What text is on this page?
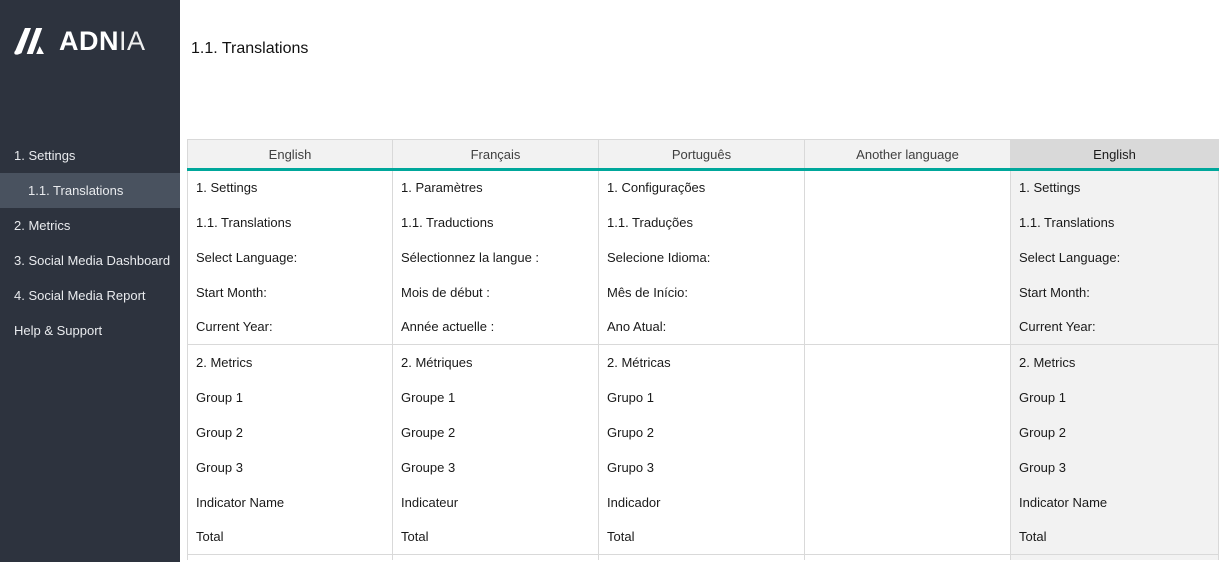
ADN IA
1. Settings
1.1. Translations
2. Metrics
3. Social Media Dashboard
4. Social Media Report
Help & Support
1.1. Translations
English	Français	Português	Another language	English
1. Settings	1. Paramètres	1. Configurações		1. Settings
1.1. Translations	1.1. Traductions	1.1. Traduções		1.1. Translations
Select Language:	Sélectionnez la langue :	Selecione Idioma:		Select Language:
Start Month:	Mois de début :	Mês de Início:		Start Month:
Current Year:	Année actuelle :	Ano Atual:		Current Year:
2. Metrics	2. Métriques	2. Métricas		2. Metrics
Group 1	Groupe 1	Grupo 1		Group 1
Group 2	Groupe 2	Grupo 2		Group 2
Group 3	Groupe 3	Grupo 3		Group 3
Indicator Name	Indicateur	Indicador		Indicator Name
Total	Total	Total		Total
